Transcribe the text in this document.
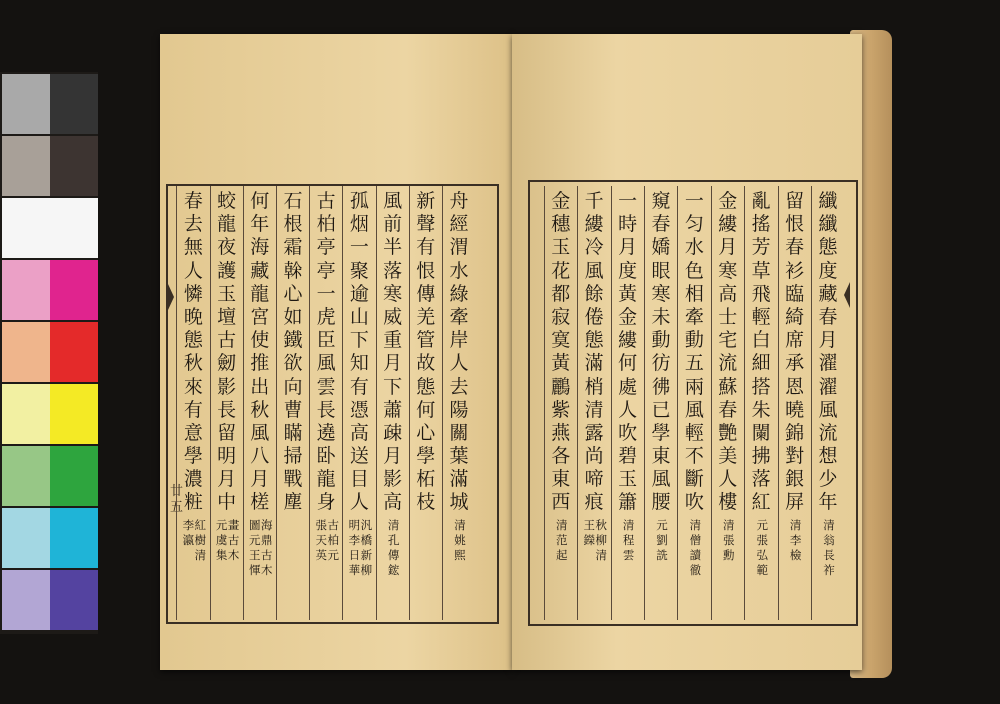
廿五
舟
經
渭
水
綠
牽
岸
人
去
陽
關
葉
滿
城
清
姚
熙
新
聲
有
恨
傳
羌
管
故
態
何
心
學
柘
枝
風
前
半
落
寒
威
重
月
下
蕭
疎
月
影
高
清
孔
傳
鋐
孤
烟
一
聚
逾
山
下
知
有
憑
高
送
目
人
汎
橋
新
柳
明
李
日
華
古
柏
亭
亭
一
虎
臣
風
雲
長
遶
卧
龍
身
古
柏
元
張
天
英
石
根
霜
榦
心
如
鐵
欲
向
曹
瞞
掃
戰
塵
何
年
海
藏
龍
宮
使
推
出
秋
風
八
月
槎
海
鼎
古
木
圖
元
王
惲
蛟
龍
夜
護
玉
壇
古
劒
影
長
留
明
月
中
畫
古
木
元
虞
集
春
去
無
人
憐
晚
態
秋
來
有
意
學
濃
粧
紅
樹
清
李
瀛
纖
纖
態
度
藏
春
月
濯
濯
風
流
想
少
年
清
翁
長
祚
留
恨
春
衫
臨
綺
席
承
恩
曉
錦
對
銀
屏
清
李
檢
亂
搖
芳
草
飛
輕
白
細
搭
朱
闌
拂
落
紅
元
張
弘
範
金
縷
月
寒
高
士
宅
流
蘇
春
艷
美
人
樓
清
張
勳
一
匀
水
色
相
牽
動
五
兩
風
輕
不
斷
吹
清
僧
讀
徹
窺
春
嬌
眼
寒
未
動
彷
彿
已
學
東
風
腰
元
劉
詵
一
時
月
度
黃
金
縷
何
處
人
吹
碧
玉
簫
清
程
雲
千
縷
冷
風
餘
倦
態
滿
梢
清
露
尚
啼
痕
秋
柳
清
王
鑅
金
穗
玉
花
都
寂
寞
黃
鸝
紫
燕
各
東
西
清
范
起
